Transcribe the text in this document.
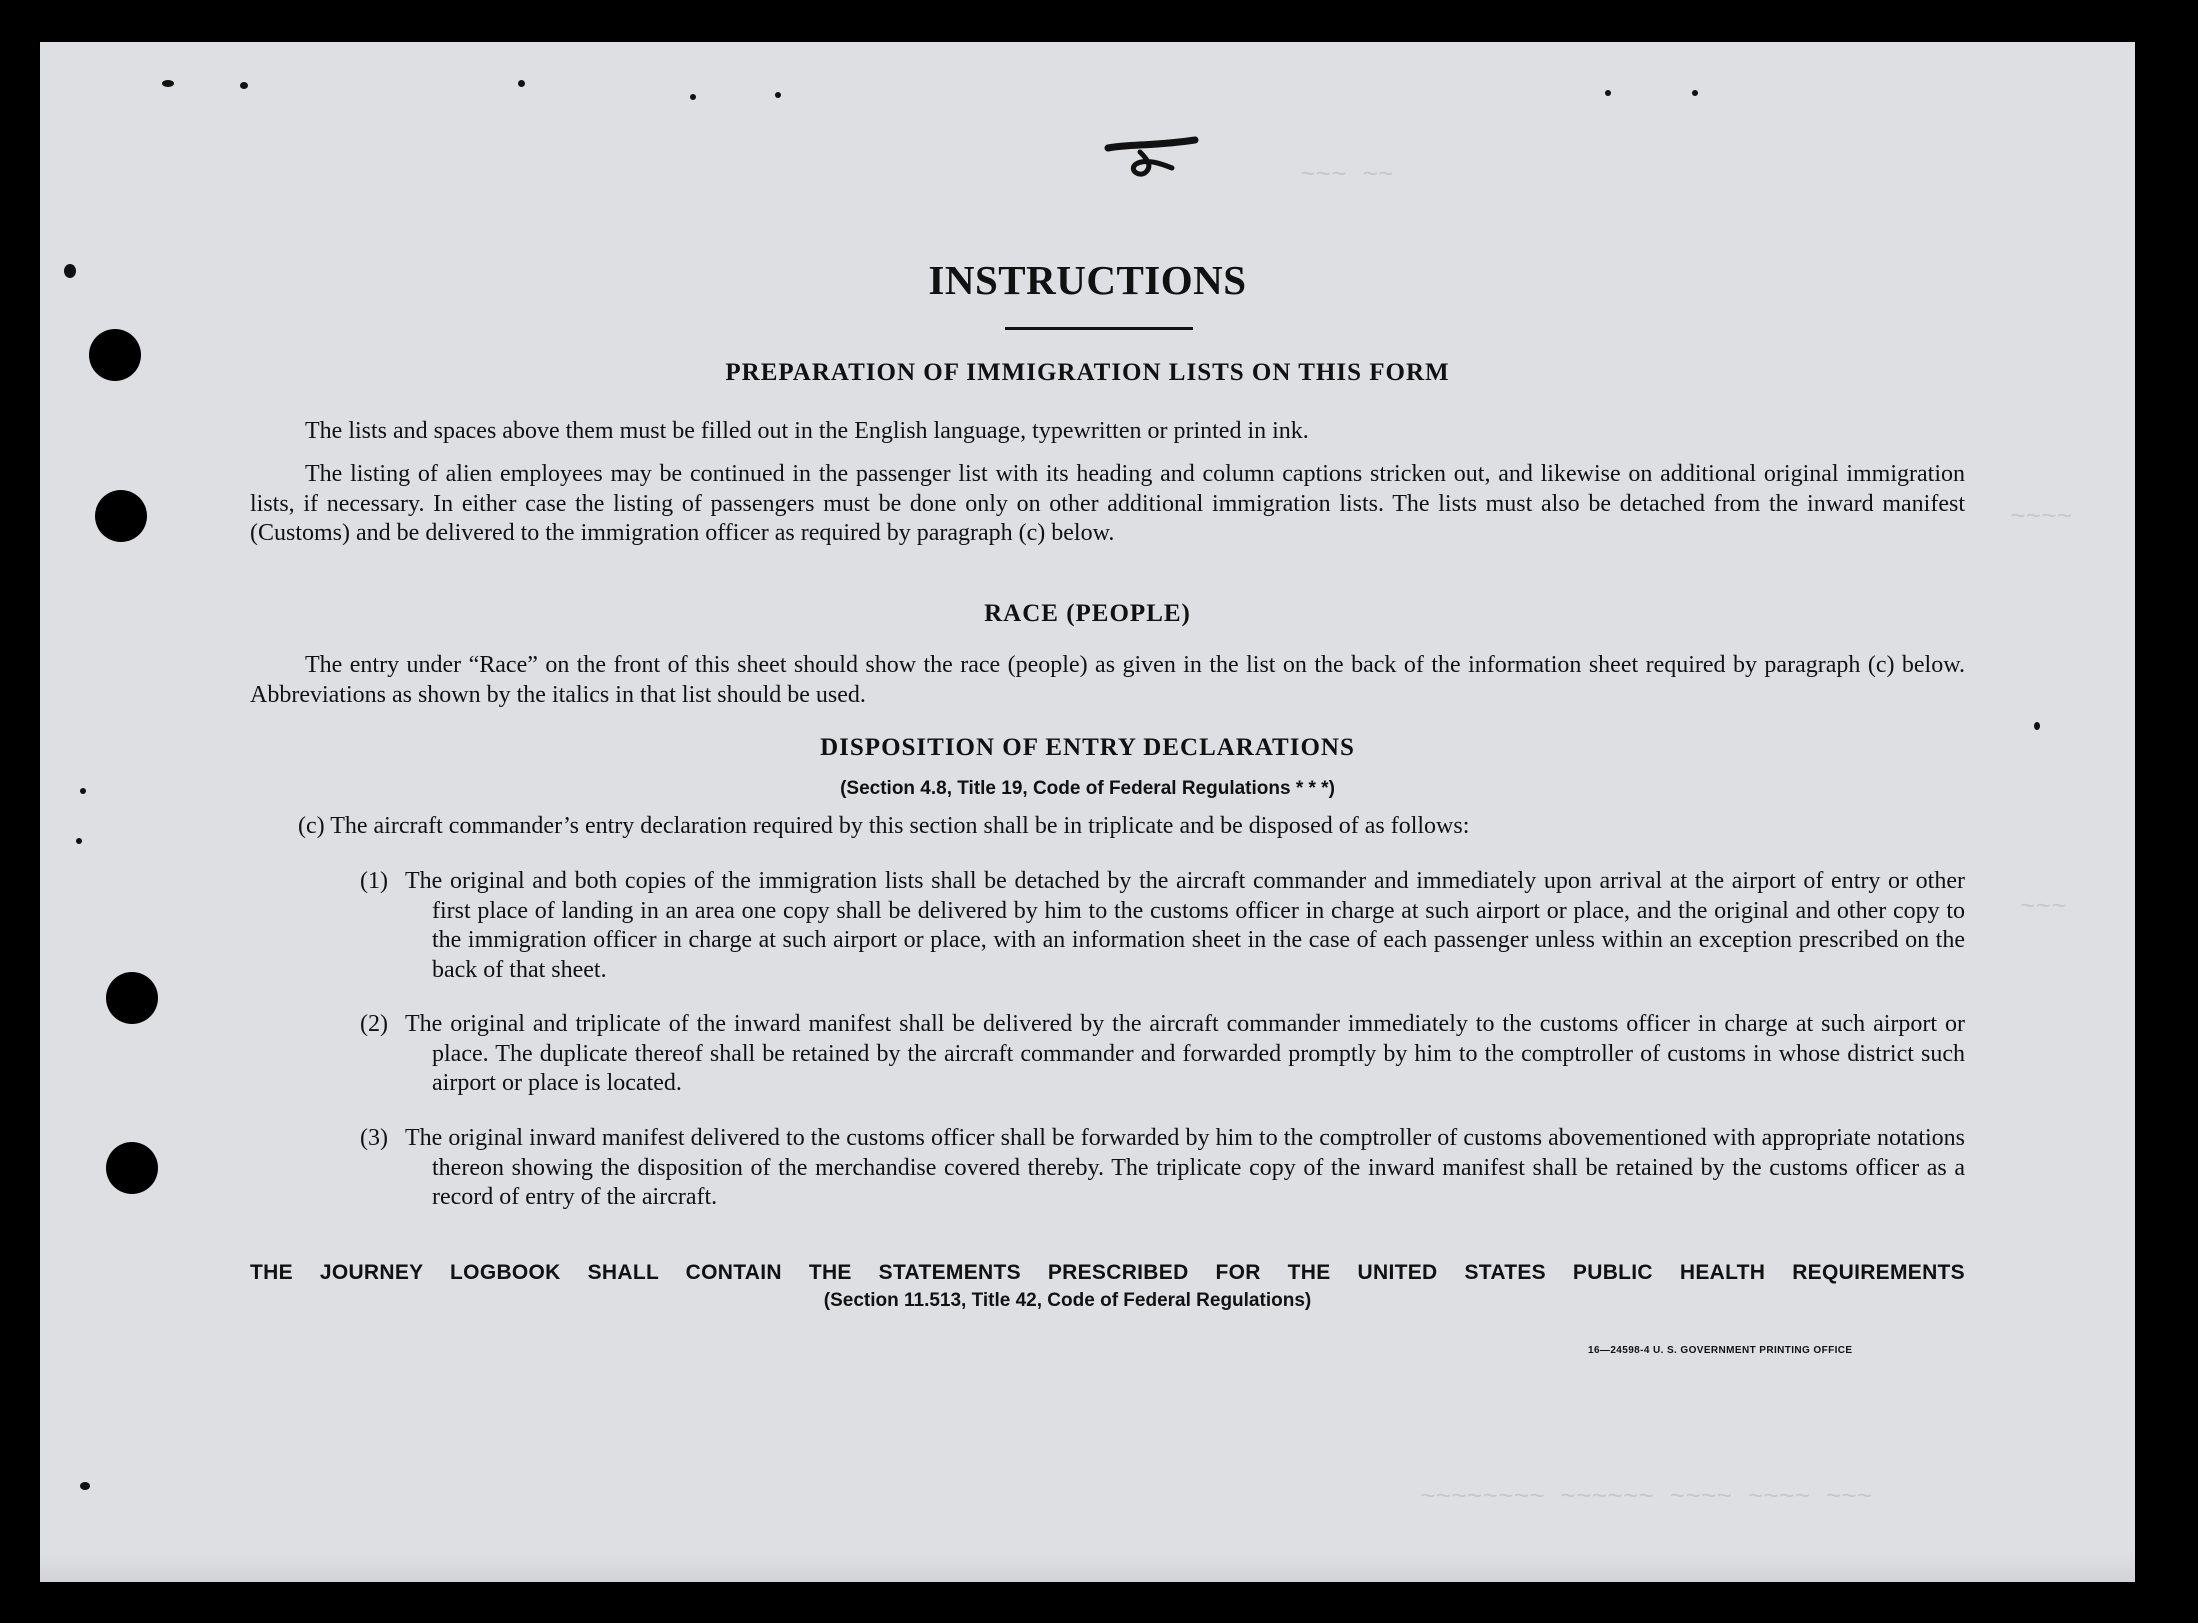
~~~ ~~
~~~~
~~~
~~~~~~~~ ~~~~~~ ~~~~ ~~~~ ~~~
INSTRUCTIONS
PREPARATION OF IMMIGRATION LISTS ON THIS FORM
The lists and spaces above them must be filled out in the English language, typewritten or printed in ink.
The listing of alien employees may be continued in the passenger list with its heading and column captions stricken out, and likewise on additional original immigration lists, if necessary. In either case the listing of passengers must be done only on other additional immigration lists. The lists must also be detached from the inward manifest (Customs) and be delivered to the immigration officer as required by paragraph (c) below.
RACE (PEOPLE)
The entry under “Race” on the front of this sheet should show the race (people) as given in the list on the back of the information sheet required by paragraph (c) below. Abbreviations as shown by the italics in that list should be used.
DISPOSITION OF ENTRY DECLARATIONS
(Section 4.8, Title 19, Code of Federal Regulations * * *)
(c) The aircraft commander’s entry declaration required by this section shall be in triplicate and be disposed of as follows:
(1) The original and both copies of the immigration lists shall be detached by the aircraft commander and immediately upon arrival at the airport of entry or other first place of landing in an area one copy shall be delivered by him to the customs officer in charge at such airport or place, and the original and other copy to the immigration officer in charge at such airport or place, with an information sheet in the case of each passenger unless within an exception prescribed on the back of that sheet.
(2) The original and triplicate of the inward manifest shall be delivered by the aircraft commander immediately to the customs officer in charge at such airport or place. The duplicate thereof shall be retained by the aircraft commander and forwarded promptly by him to the comptroller of customs in whose district such airport or place is located.
(3) The original inward manifest delivered to the customs officer shall be forwarded by him to the comptroller of customs abovementioned with appropriate notations thereon showing the disposition of the merchandise covered thereby. The triplicate copy of the inward manifest shall be retained by the customs officer as a record of entry of the aircraft.
THE JOURNEY LOGBOOK SHALL CONTAIN THE STATEMENTS PRESCRIBED FOR THE UNITED STATES PUBLIC HEALTH REQUIREMENTS
(Section 11.513, Title 42, Code of Federal Regulations)
16—24598-4 U. S. GOVERNMENT PRINTING OFFICE
